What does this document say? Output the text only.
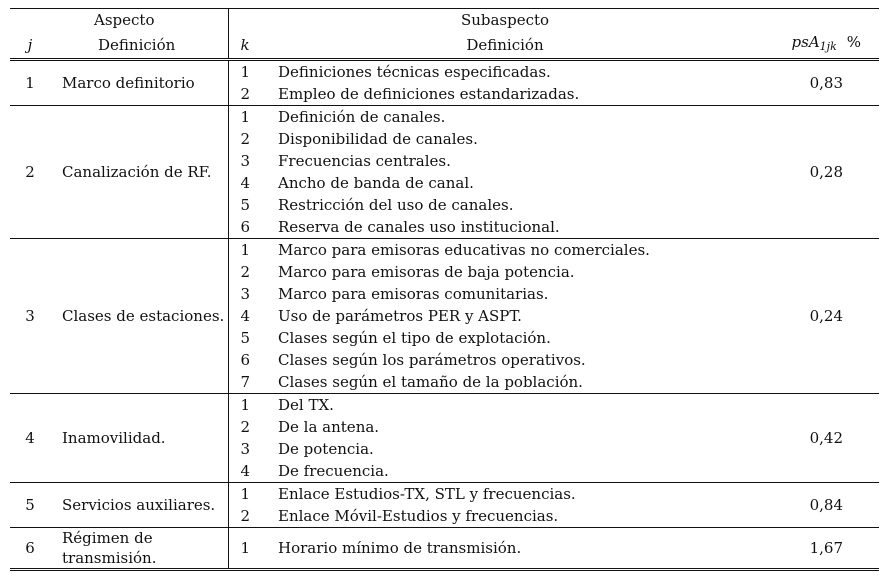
	Aspecto		Subaspecto	
j	Definición	k	Definición	psA$_{1jk}$ %
1	Marco definitorio	1	Definiciones técnicas especificadas.	0,83
		2	Empleo de definiciones estandarizadas.	
2	Canalización de RF.	1	Definición de canales.	0,28
		2	Disponibilidad de canales.	
		3	Frecuencias centrales.	
		4	Ancho de banda de canal.	
		5	Restricción del uso de canales.	
		6	Reserva de canales uso institucional.	
3	Clases de estaciones.	1	Marco para emisoras educativas no comerciales.	0,24
		2	Marco para emisoras de baja potencia.	
		3	Marco para emisoras comunitarias.	
		4	Uso de parámetros PER y ASPT.	
		5	Clases según el tipo de explotación.	
		6	Clases según los parámetros operativos.	
		7	Clases según el tamaño de la población.	
4	Inamovilidad.	1	Del TX.	0,42
		2	De la antena.	
		3	De potencia.	
		4	De frecuencia.	
5	Servicios auxiliares.	1	Enlace Estudios-TX, STL y frecuencias.	0,84
		2	Enlace Móvil-Estudios y frecuencias.	
6	Régimen de transmisión.	1	Horario mínimo de transmisión.	1,67
